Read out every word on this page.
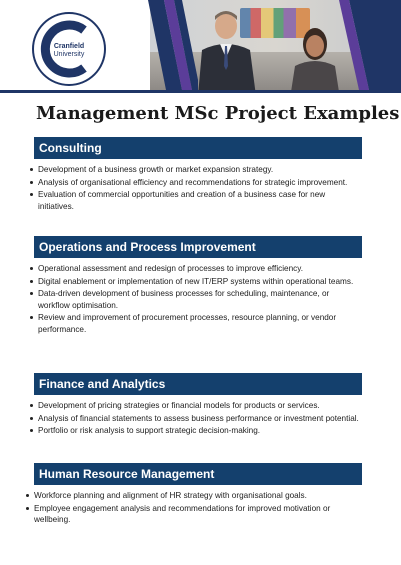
Cranfield
University
Management MSc Project Examples
Consulting
Development of a business growth or market expansion strategy.
Analysis of organisational efficiency and recommendations for strategic improvement.
Evaluation of commercial opportunities and creation of a business case for new initiatives.
Operations and Process Improvement
Operational assessment and redesign of processes to improve efficiency.
Digital enablement or implementation of new IT/ERP systems within operational teams.
Data-driven development of business processes for scheduling, maintenance, or workflow optimisation.
Review and improvement of procurement processes, resource planning, or vendor performance.
Finance and Analytics
Development of pricing strategies or financial models for products or services.
Analysis of financial statements to assess business performance or investment potential.
Portfolio or risk analysis to support strategic decision-making.
Human Resource Management
Workforce planning and alignment of HR strategy with organisational goals.
Employee engagement analysis and recommendations for improved motivation or wellbeing.
